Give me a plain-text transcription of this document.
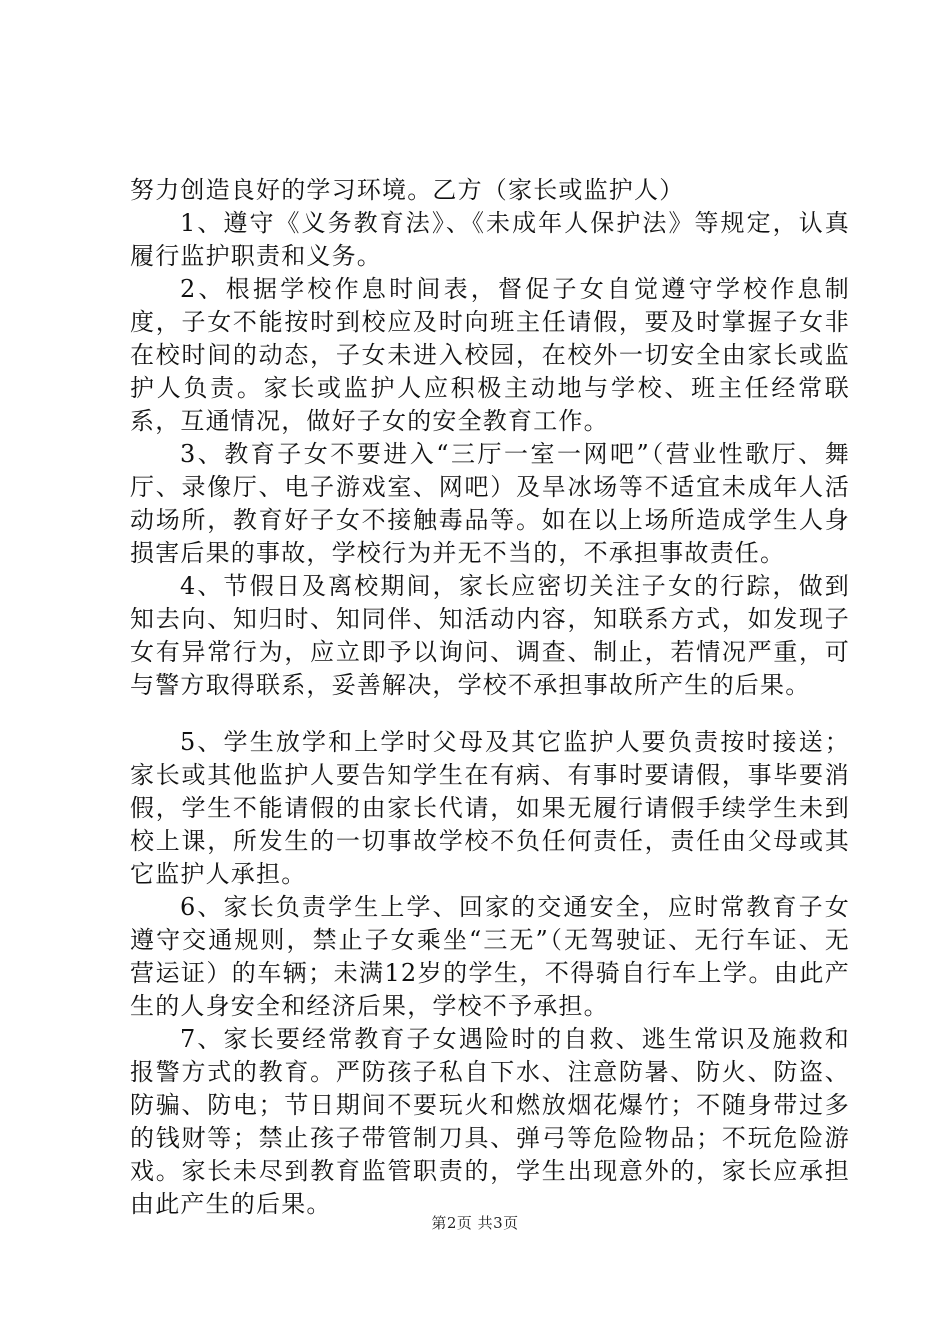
努力创造良好的学习环境。乙方（家长或监护人）

1、遵守《义务教育法》、《未成年人保护法》等规定，认真履行监护职责和义务。

2、根据学校作息时间表，督促子女自觉遵守学校作息制度，子女不能按时到校应及时向班主任请假，要及时掌握子女非在校时间的动态，子女未进入校园，在校外一切安全由家长或监护人负责。家长或监护人应积极主动地与学校、班主任经常联系，互通情况，做好子女的安全教育工作。

3、教育子女不要进入“三厅一室一网吧”（营业性歌厅、舞厅、录像厅、电子游戏室、网吧）及旱冰场等不适宜未成年人活动场所，教育好子女不接触毒品等。如在以上场所造成学生人身损害后果的事故，学校行为并无不当的，不承担事故责任。

4、节假日及离校期间，家长应密切关注子女的行踪，做到知去向、知归时、知同伴、知活动内容，知联系方式，如发现子女有异常行为，应立即予以询问、调查、制止，若情况严重，可与警方取得联系，妥善解决，学校不承担事故所产生的后果。

5、学生放学和上学时父母及其它监护人要负责按时接送；家长或其他监护人要告知学生在有病、有事时要请假，事毕要消假，学生不能请假的由家长代请，如果无履行请假手续学生未到校上课，所发生的一切事故学校不负任何责任，责任由父母或其它监护人承担。

6、家长负责学生上学、回家的交通安全，应时常教育子女遵守交通规则，禁止子女乘坐“三无”（无驾驶证、无行车证、无营运证）的车辆；未满12岁的学生，不得骑自行车上学。由此产生的人身安全和经济后果，学校不予承担。

7、家长要经常教育子女遇险时的自救、逃生常识及施救和报警方式的教育。严防孩子私自下水、注意防暑、防火、防盗、防骗、防电；节日期间不要玩火和燃放烟花爆竹；不随身带过多的钱财等；禁止孩子带管制刀具、弹弓等危险物品；不玩危险游戏。家长未尽到教育监管职责的，学生出现意外的，家长应承担由此产生的后果。

第2页 共3页
